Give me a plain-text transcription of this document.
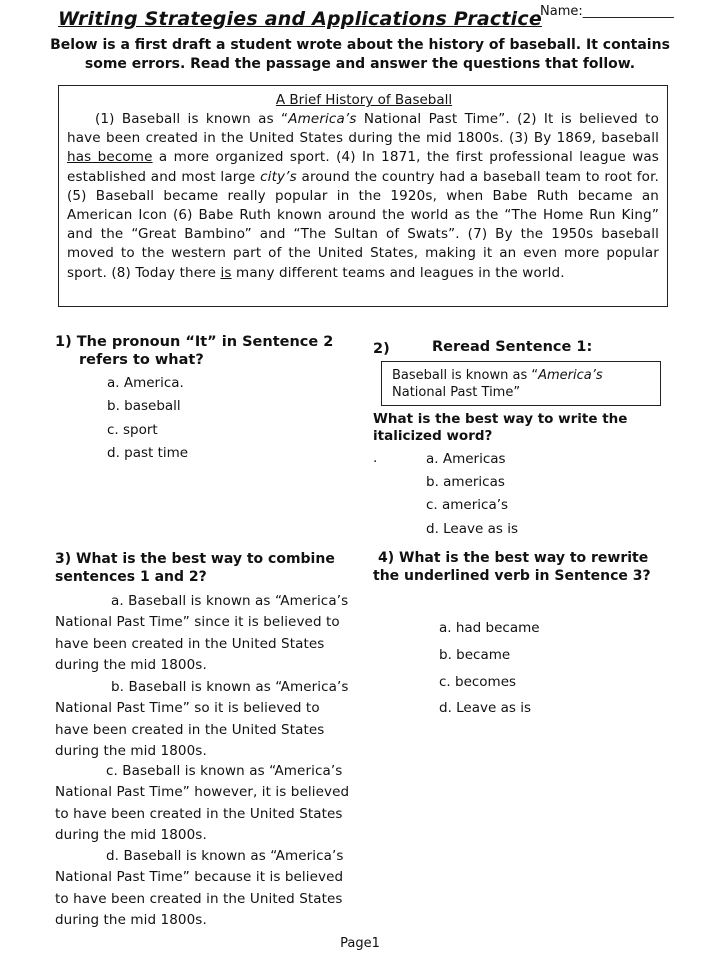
Writing Strategies and Applications Practice
Name:______________
Below is a first draft a student wrote about the history of baseball. It contains some errors. Read the passage and answer the questions that follow.
A Brief History of Baseball
(1) Baseball is known as “America’s National Past Time”. (2) It is believed to have been created in the United States during the mid 1800s. (3) By 1869, baseball has become a more organized sport. (4) In 1871, the first professional league was established and most large city’s around the country had a baseball team to root for. (5) Baseball became really popular in the 1920s, when Babe Ruth became an American Icon (6) Babe Ruth known around the world as the “The Home Run King” and the “Great Bambino” and “The Sultan of Swats”. (7) By the 1950s baseball moved to the western part of the United States, making it an even more popular sport. (8) Today there is many different teams and leagues in the world.
1) The pronoun “It” in Sentence 2
refers to what?
a. America.
b. baseball
c. sport
d. past time
2)	Reread Sentence 1:
Baseball is known as “America’s National Past Time”
What is the best way to write the italicized word?
.	a. Americas
b. americas
c. america’s
d. Leave as is
3) What is the best way to combine sentences 1 and 2?
a. Baseball is known as “America’s National Past Time” since it is believed to have been created in the United States during the mid 1800s.
b. Baseball is known as “America’s National Past Time” so it is believed to have been created in the United States during the mid 1800s.
c. Baseball is known as “America’s National Past Time” however, it is believed to have been created in the United States during the mid 1800s.
d. Baseball is known as “America’s National Past Time” because it is believed to have been created in the United States during the mid 1800s.
4) What is the best way to rewrite the underlined verb in Sentence 3?
a. had became
b. became
c. becomes
d. Leave as is
Page1
